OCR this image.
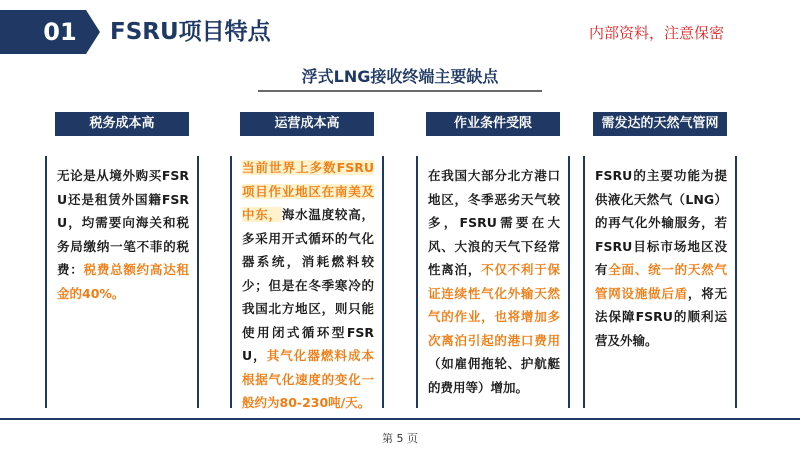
01	FSRU项目特点	内部资料，注意保密
浮式LNG接收终端主要缺点
税务成本高
无论是从境外购买FSRU还是租赁外国籍FSRU，均需要向海关和税务局缴纳一笔不菲的税费：税费总额约高达租金的40%。
运营成本高
当前世界上多数FSRU项目作业地区在南美及中东，海水温度较高，多采用开式循环的气化器系统，消耗燃料较少；但是在冬季寒冷的我国北方地区，则只能使用闭式循环型FSRU，其气化器燃料成本根据气化速度的变化一般约为80-230吨/天。
作业条件受限
在我国大部分北方港口地区，冬季恶劣天气较多，FSRU需要在大风、大浪的天气下经常性离泊，不仅不利于保证连续性气化外输天然气的作业，也将增加多次离泊引起的港口费用（如雇佣拖轮、护航艇的费用等）增加。
需发达的天然气管网
FSRU的主要功能为提供液化天然气（LNG）的再气化外输服务，若FSRU目标市场地区没有全面、统一的天然气管网设施做后盾，将无法保障FSRU的顺利运营及外输。
第 5 页
